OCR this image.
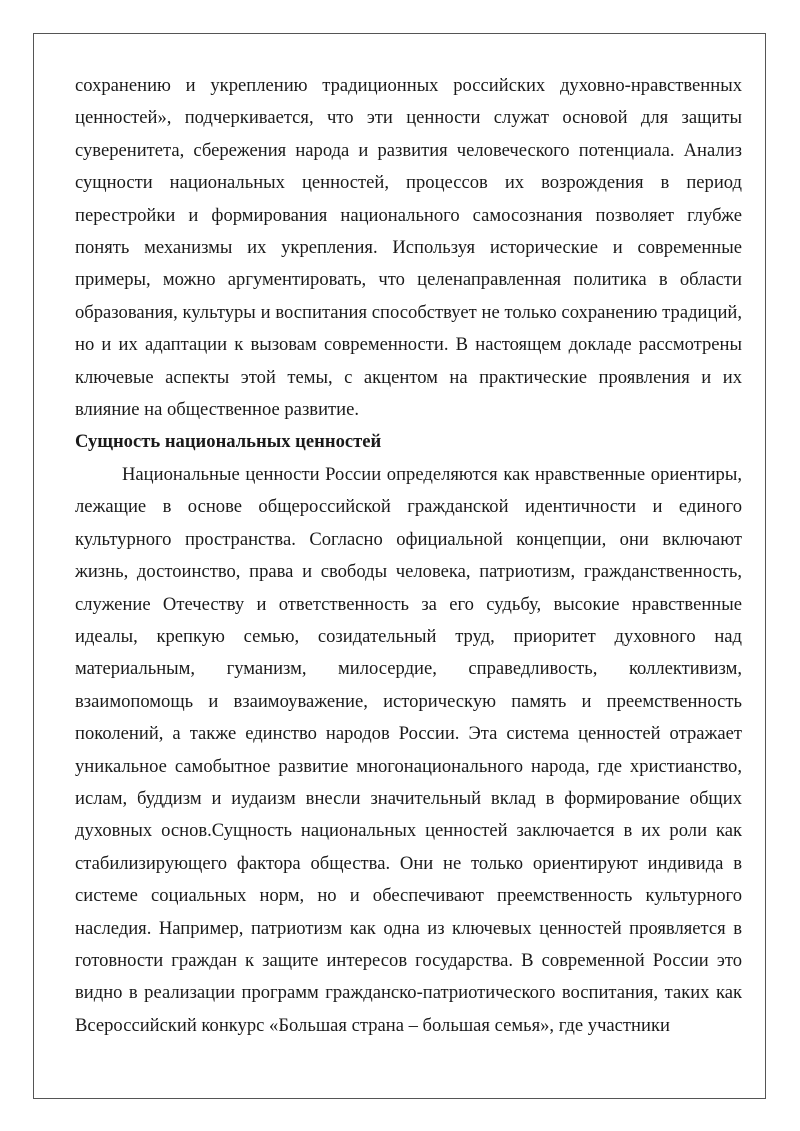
сохранению и укреплению традиционных российских духовно-нравственных ценностей», подчеркивается, что эти ценности служат основой для защиты суверенитета, сбережения народа и развития человеческого потенциала. Анализ сущности национальных ценностей, процессов их возрождения в период перестройки и формирования национального самосознания позволяет глубже понять механизмы их укрепления. Используя исторические и современные примеры, можно аргументировать, что целенаправленная политика в области образования, культуры и воспитания способствует не только сохранению традиций, но и их адаптации к вызовам современности. В настоящем докладе рассмотрены ключевые аспекты этой темы, с акцентом на практические проявления и их влияние на общественное развитие.

Сущность национальных ценностей

Национальные ценности России определяются как нравственные ориентиры, лежащие в основе общероссийской гражданской идентичности и единого культурного пространства. Согласно официальной концепции, они включают жизнь, достоинство, права и свободы человека, патриотизм, гражданственность, служение Отечеству и ответственность за его судьбу, высокие нравственные идеалы, крепкую семью, созидательный труд, приоритет духовного над материальным, гуманизм, милосердие, справедливость, коллективизм, взаимопомощь и взаимоуважение, историческую память и преемственность поколений, а также единство народов России. Эта система ценностей отражает уникальное самобытное развитие многонационального народа, где христианство, ислам, буддизм и иудаизм внесли значительный вклад в формирование общих духовных основ.Сущность национальных ценностей заключается в их роли как стабилизирующего фактора общества. Они не только ориентируют индивида в системе социальных норм, но и обеспечивают преемственность культурного наследия. Например, патриотизм как одна из ключевых ценностей проявляется в готовности граждан к защите интересов государства. В современной России это видно в реализации программ гражданско-патриотического воспитания, таких как Всероссийский конкурс «Большая страна – большая семья», где участники
